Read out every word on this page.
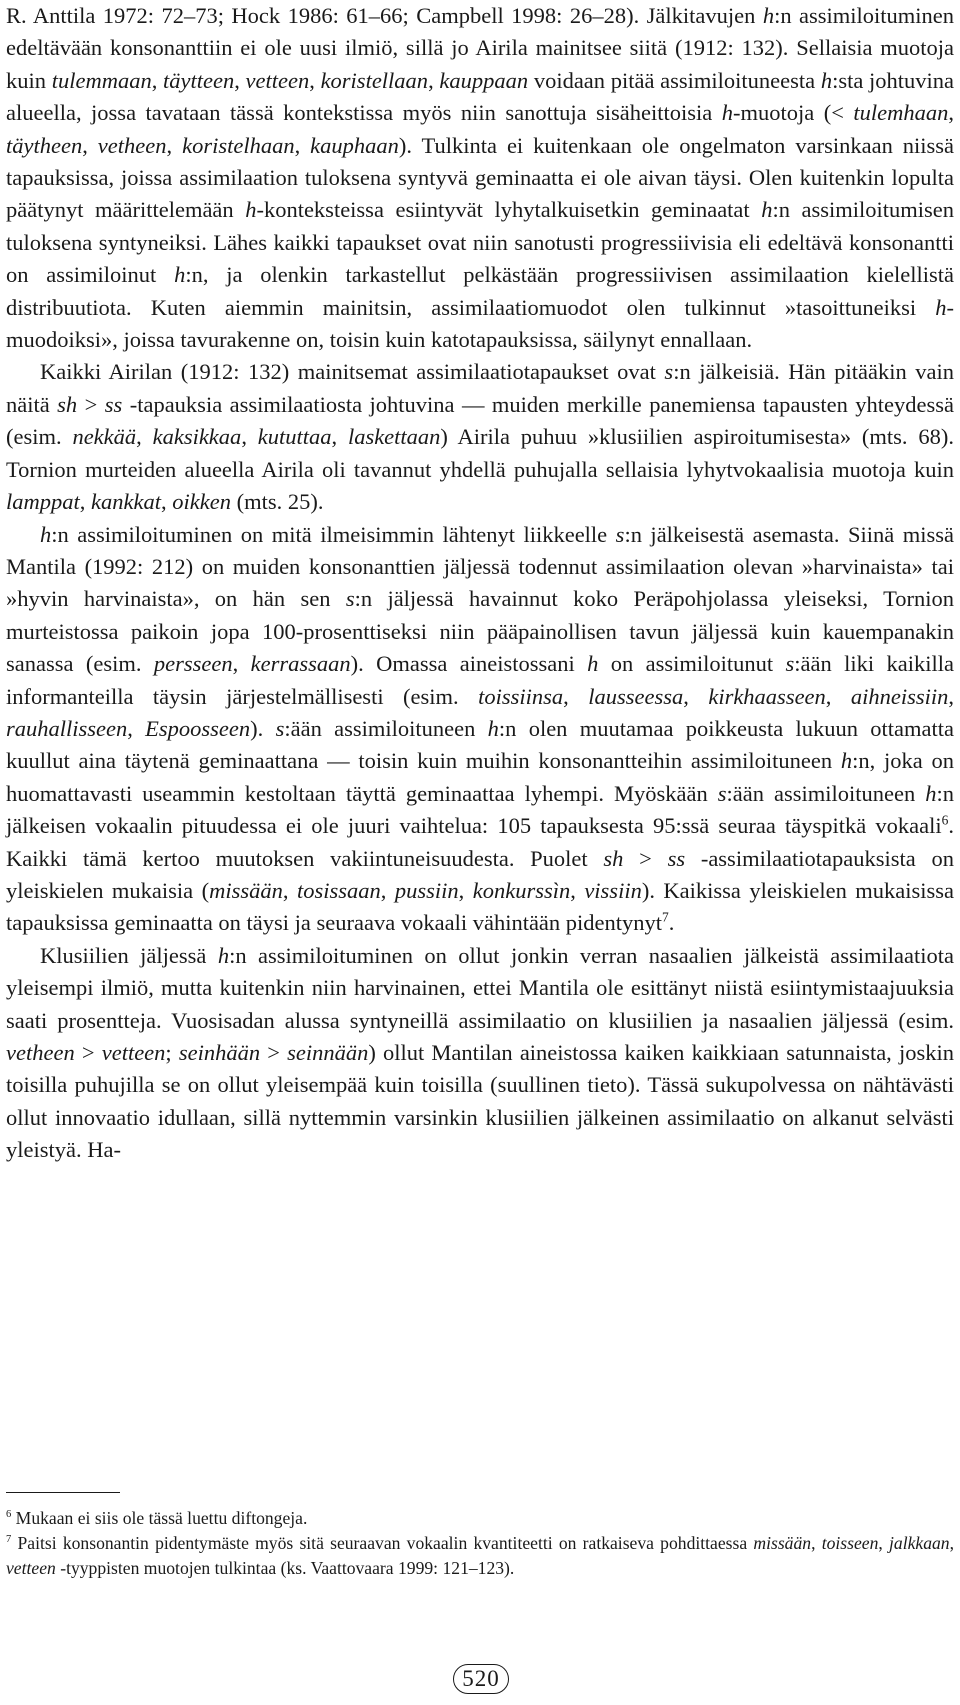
R. Anttila 1972: 72–73; Hock 1986: 61–66; Campbell 1998: 26–28). Jälkitavujen h:n assimiloituminen edeltävään konsonanttiin ei ole uusi ilmiö, sillä jo Airila mainitsee siitä (1912: 132). Sellaisia muotoja kuin tulemmaan, täytteen, vetteen, koristellaan, kauppaan voidaan pitää assimiloituneesta h:sta johtuvina alueella, jossa tavataan tässä kontekstissa myös niin sanottuja sisäheittoisia h-muotoja (< tulemhaan, täytheen, vetheen, koristelhaan, kauphaan). Tulkinta ei kuitenkaan ole ongelmaton varsinkaan niissä tapauksissa, joissa assimilaation tuloksena syntyvä geminaatta ei ole aivan täysi. Olen kuitenkin lopulta päätynyt määrittelemään h-konteksteissa esiintyvät lyhytalkuisetkin geminaatat h:n assimiloitumisen tuloksena syntyneiksi. Lähes kaikki tapaukset ovat niin sanotusti progressiivisia eli edeltävä konsonantti on assimiloinut h:n, ja olenkin tarkastellut pelkästään progressiivisen assimilaation kielellistä distribuutiota. Kuten aiemmin mainitsin, assimilaatiomuodot olen tulkinnut »tasoittuneiksi h-muodoiksi», joissa tavurakenne on, toisin kuin katotapauksissa, säilynyt ennallaan.

Kaikki Airilan (1912: 132) mainitsemat assimilaatiotapaukset ovat s:n jälkeisiä. Hän pitääkin vain näitä sh > ss -tapauksia assimilaatiosta johtuvina — muiden merkille panemiensa tapausten yhteydessä (esim. nekkää, kaksikkaa, kututtaa, laskettaan) Airila puhuu »klusiilien aspiroitumisesta» (mts. 68). Tornion murteiden alueella Airila oli tavannut yhdellä puhujalla sellaisia lyhytvokaalisia muotoja kuin lamppat, kankkat, oikken (mts. 25).

h:n assimiloituminen on mitä ilmeisimmin lähtenyt liikkeelle s:n jälkeisestä asemasta. Siinä missä Mantila (1992: 212) on muiden konsonanttien jäljessä todennut assimilaation olevan »harvinaista» tai »hyvin harvinaista», on hän sen s:n jäljessä havainnut koko Peräpohjolassa yleiseksi, Tornion murteistossa paikoin jopa 100-prosenttiseksi niin pääpainollisen tavun jäljessä kuin kauempanakin sanassa (esim. persseen, kerrassaan). Omassa aineistossani h on assimiloitunut s:ään liki kaikilla informanteilla täysin järjestelmällisesti (esim. toissiinsa, lausseessa, kirkhaasseen, aihneissiin, rauhallisseen, Espoosseen). s:ään assimiloituneen h:n olen muutamaa poikkeusta lukuun ottamatta kuullut aina täytenä geminaattana — toisin kuin muihin konsonantteihin assimiloituneen h:n, joka on huomattavasti useammin kestoltaan täyttä geminaattaa lyhempi. Myöskään s:ään assimiloituneen h:n jälkeisen vokaalin pituudessa ei ole juuri vaihtelua: 105 tapauksesta 95:ssä seuraa täyspitkä vokaali$^6$. Kaikki tämä kertoo muutoksen vakiintuneisuudesta. Puolet sh > ss -assimilaatiotapauksista on yleiskielen mukaisia (missään, tosissaan, pussiin, konkurssìn, vissiin). Kaikissa yleiskielen mukaisissa tapauksissa geminaatta on täysi ja seuraava vokaali vähintään pidentynyt$^7$.

Klusiilien jäljessä h:n assimiloituminen on ollut jonkin verran nasaalien jälkeistä assimilaatiota yleisempi ilmiö, mutta kuitenkin niin harvinainen, ettei Mantila ole esittänyt niistä esiintymistaajuuksia saati prosentteja. Vuosisadan alussa syntyneillä assimilaatio on klusiilien ja nasaalien jäljessä (esim. vetheen > vetteen; seinhään > seinnään) ollut Mantilan aineistossa kaiken kaikkiaan satunnaista, joskin toisilla puhujilla se on ollut yleisempää kuin toisilla (suullinen tieto). Tässä sukupolvessa on nähtävästi ollut innovaatio idullaan, sillä nyttemmin varsinkin klusiilien jälkeinen assimilaatio on alkanut selvästi yleistyä. Ha-

$^6$ Mukaan ei siis ole tässä luettu diftongeja.

$^7$ Paitsi konsonantin pidentymäste myös sitä seuraavan vokaalin kvantiteetti on ratkaiseva pohdittaessa missään, toisseen, jalkkaan, vetteen -tyyppisten muotojen tulkintaa (ks. Vaattovaara 1999: 121–123).

520
